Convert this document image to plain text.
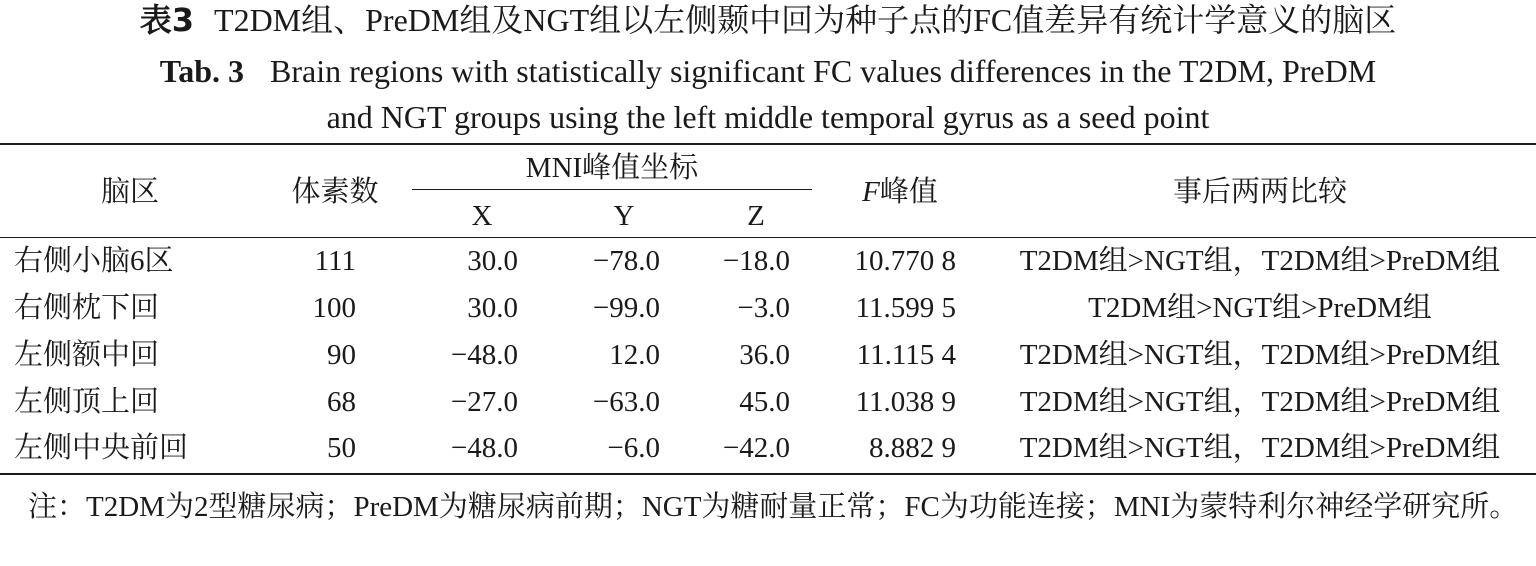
表3 T2DM组、PreDM组及NGT组以左侧颞中回为种子点的FC值差异有统计学意义的脑区
Tab. 3 Brain regions with statistically significant FC values differences in the T2DM, PreDM
and NGT groups using the left middle temporal gyrus as a seed point
脑区	体素数
MNI峰值坐标
X	Y	Z
F峰值	事后两两比较
右侧小脑6区	111	30.0	−78.0	−18.0	10.770 8	T2DM组>NGT组，T2DM组>PreDM组
右侧枕下回	100	30.0	−99.0	−3.0	11.599 5	T2DM组>NGT组>PreDM组
左侧额中回	90	−48.0	12.0	36.0	11.115 4	T2DM组>NGT组，T2DM组>PreDM组
左侧顶上回	68	−27.0	−63.0	45.0	11.038 9	T2DM组>NGT组，T2DM组>PreDM组
左侧中央前回	50	−48.0	−6.0	−42.0	8.882 9	T2DM组>NGT组，T2DM组>PreDM组
注：T2DM为2型糖尿病；PreDM为糖尿病前期；NGT为糖耐量正常；FC为功能连接；MNI为蒙特利尔神经学研究所。
